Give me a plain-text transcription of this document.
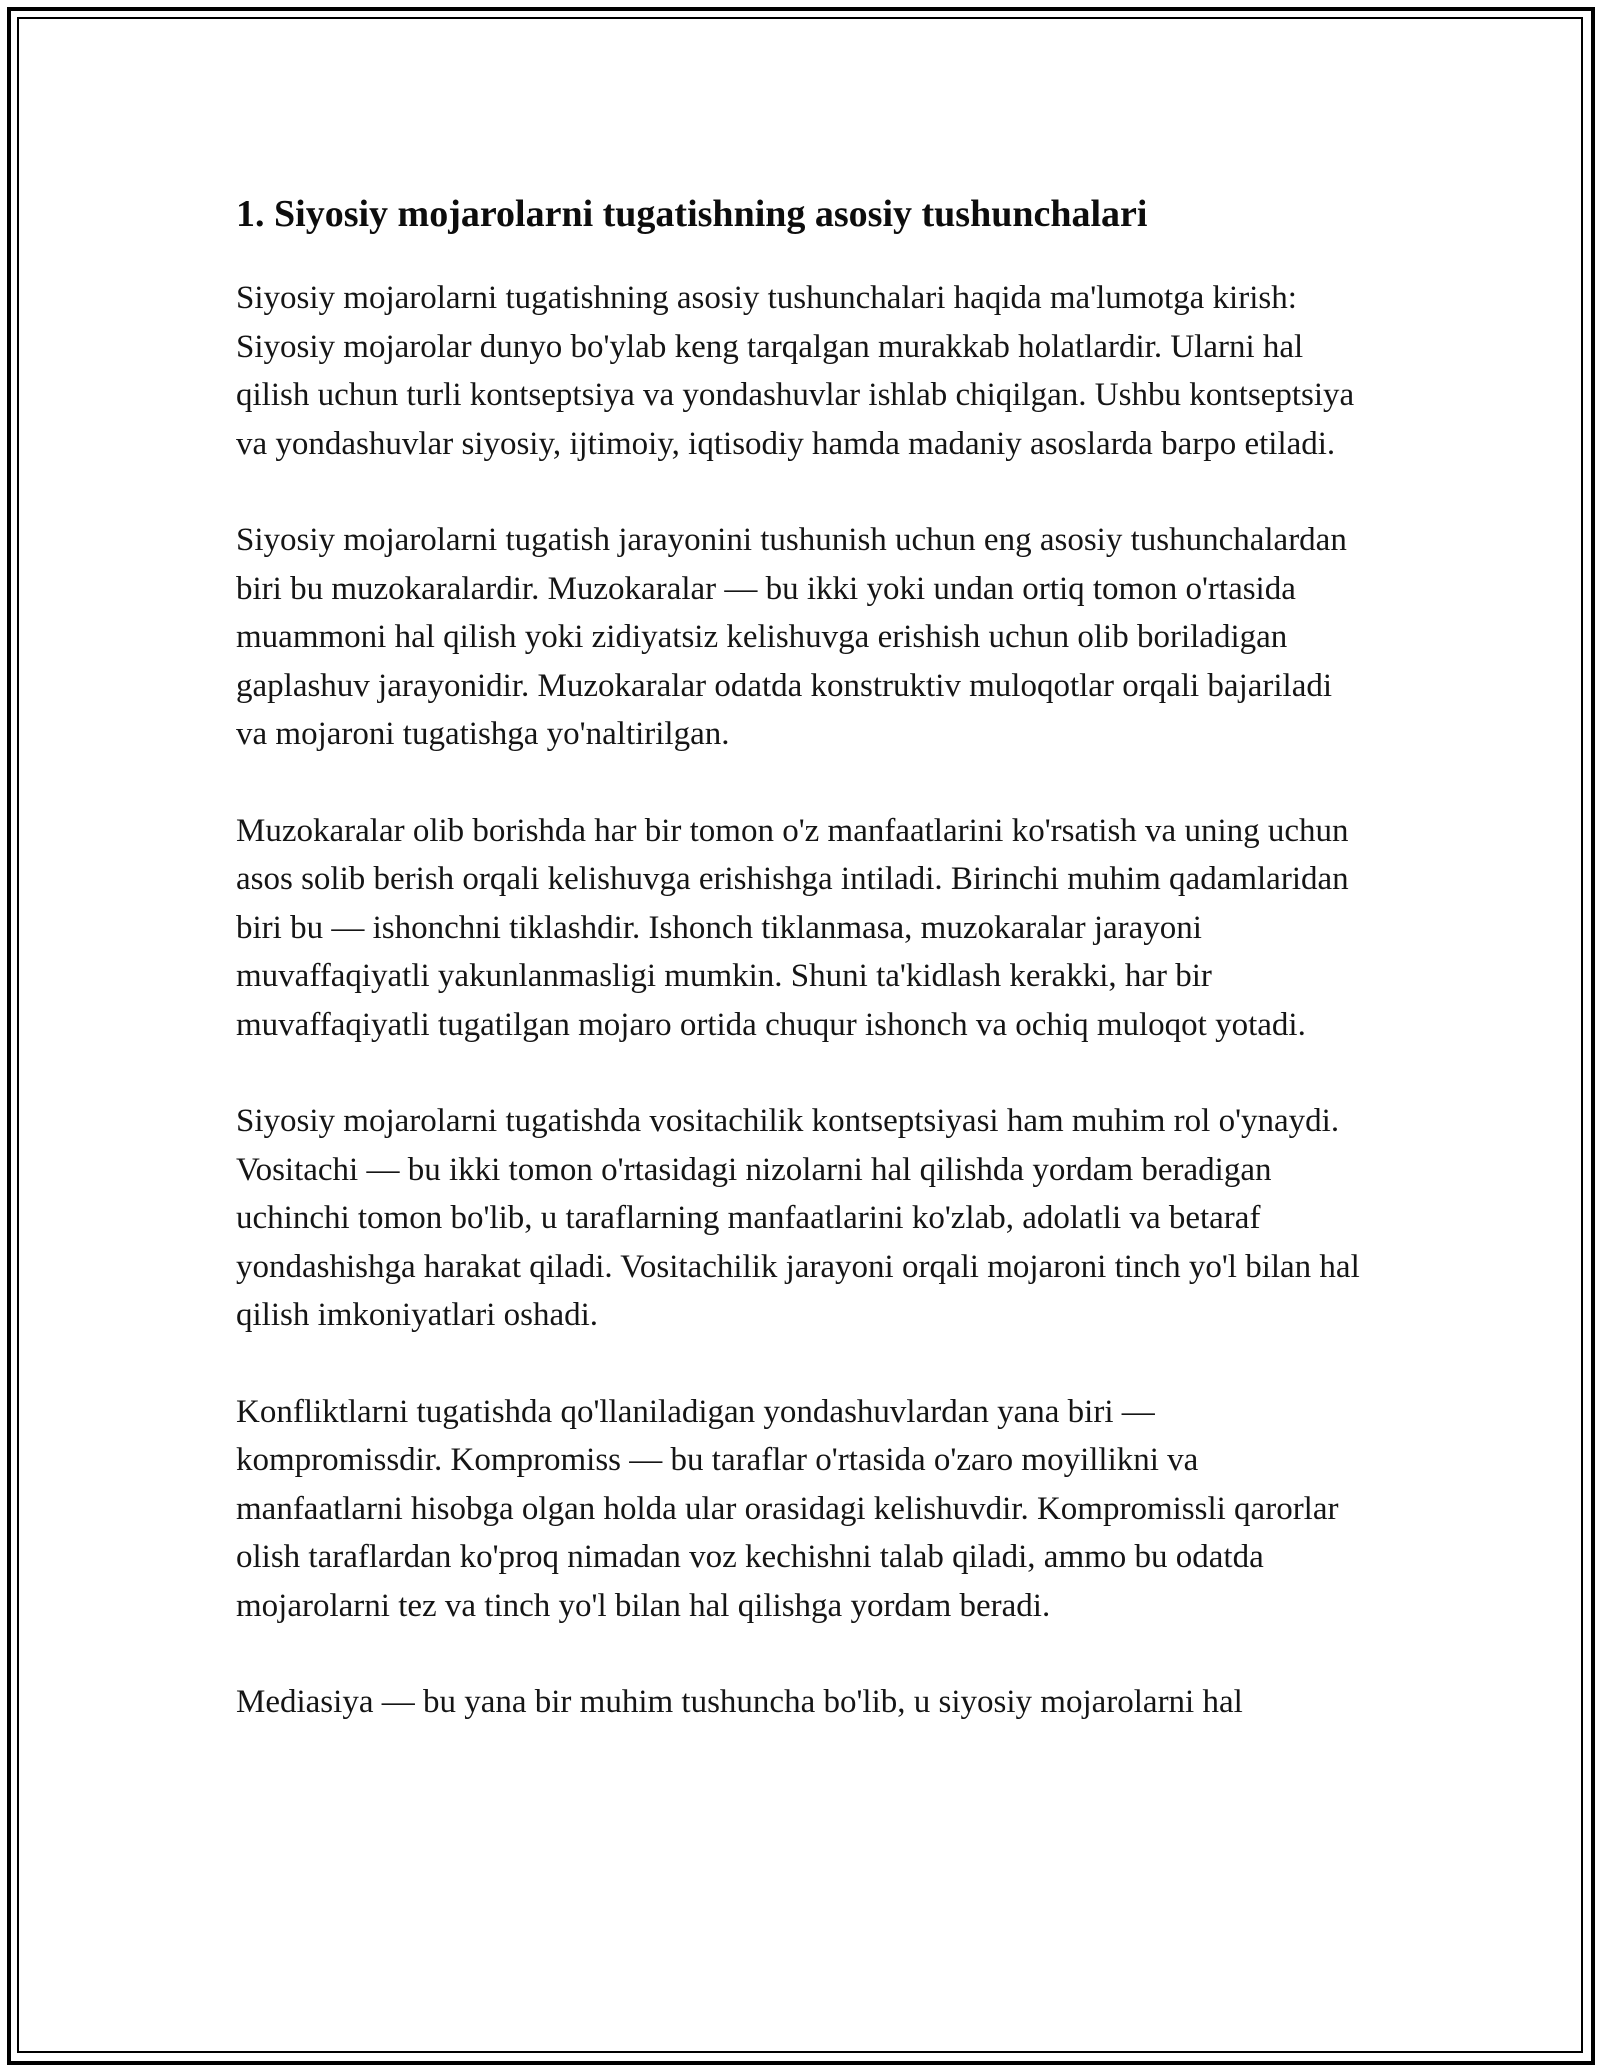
1. Siyosiy mojarolarni tugatishning asosiy tushunchalari

Siyosiy mojarolarni tugatishning asosiy tushunchalari haqida ma'lumotga kirish: Siyosiy mojarolar dunyo bo'ylab keng tarqalgan murakkab holatlardir. Ularni hal qilish uchun turli kontseptsiya va yondashuvlar ishlab chiqilgan. Ushbu kontseptsiya va yondashuvlar siyosiy, ijtimoiy, iqtisodiy hamda madaniy asoslarda barpo etiladi.

Siyosiy mojarolarni tugatish jarayonini tushunish uchun eng asosiy tushunchalardan biri bu muzokaralardir. Muzokaralar — bu ikki yoki undan ortiq tomon o'rtasida muammoni hal qilish yoki zidiyatsiz kelishuvga erishish uchun olib boriladigan gaplashuv jarayonidir. Muzokaralar odatda konstruktiv muloqotlar orqali bajariladi va mojaroni tugatishga yo'naltirilgan.

Muzokaralar olib borishda har bir tomon o'z manfaatlarini ko'rsatish va uning uchun asos solib berish orqali kelishuvga erishishga intiladi. Birinchi muhim qadamlaridan biri bu — ishonchni tiklashdir. Ishonch tiklanmasa, muzokaralar jarayoni muvaffaqiyatli yakunlanmasligi mumkin. Shuni ta'kidlash kerakki, har bir muvaffaqiyatli tugatilgan mojaro ortida chuqur ishonch va ochiq muloqot yotadi.

Siyosiy mojarolarni tugatishda vositachilik kontseptsiyasi ham muhim rol o'ynaydi. Vositachi — bu ikki tomon o'rtasidagi nizolarni hal qilishda yordam beradigan uchinchi tomon bo'lib, u taraflarning manfaatlarini ko'zlab, adolatli va betaraf yondashishga harakat qiladi. Vositachilik jarayoni orqali mojaroni tinch yo'l bilan hal qilish imkoniyatlari oshadi.

Konfliktlarni tugatishda qo'llaniladigan yondashuvlardan yana biri — kompromissdir. Kompromiss — bu taraflar o'rtasida o'zaro moyillikni va manfaatlarni hisobga olgan holda ular orasidagi kelishuvdir. Kompromissli qarorlar olish taraflardan ko'proq nimadan voz kechishni talab qiladi, ammo bu odatda mojarolarni tez va tinch yo'l bilan hal qilishga yordam beradi.

Mediasiya — bu yana bir muhim tushuncha bo'lib, u siyosiy mojarolarni hal
